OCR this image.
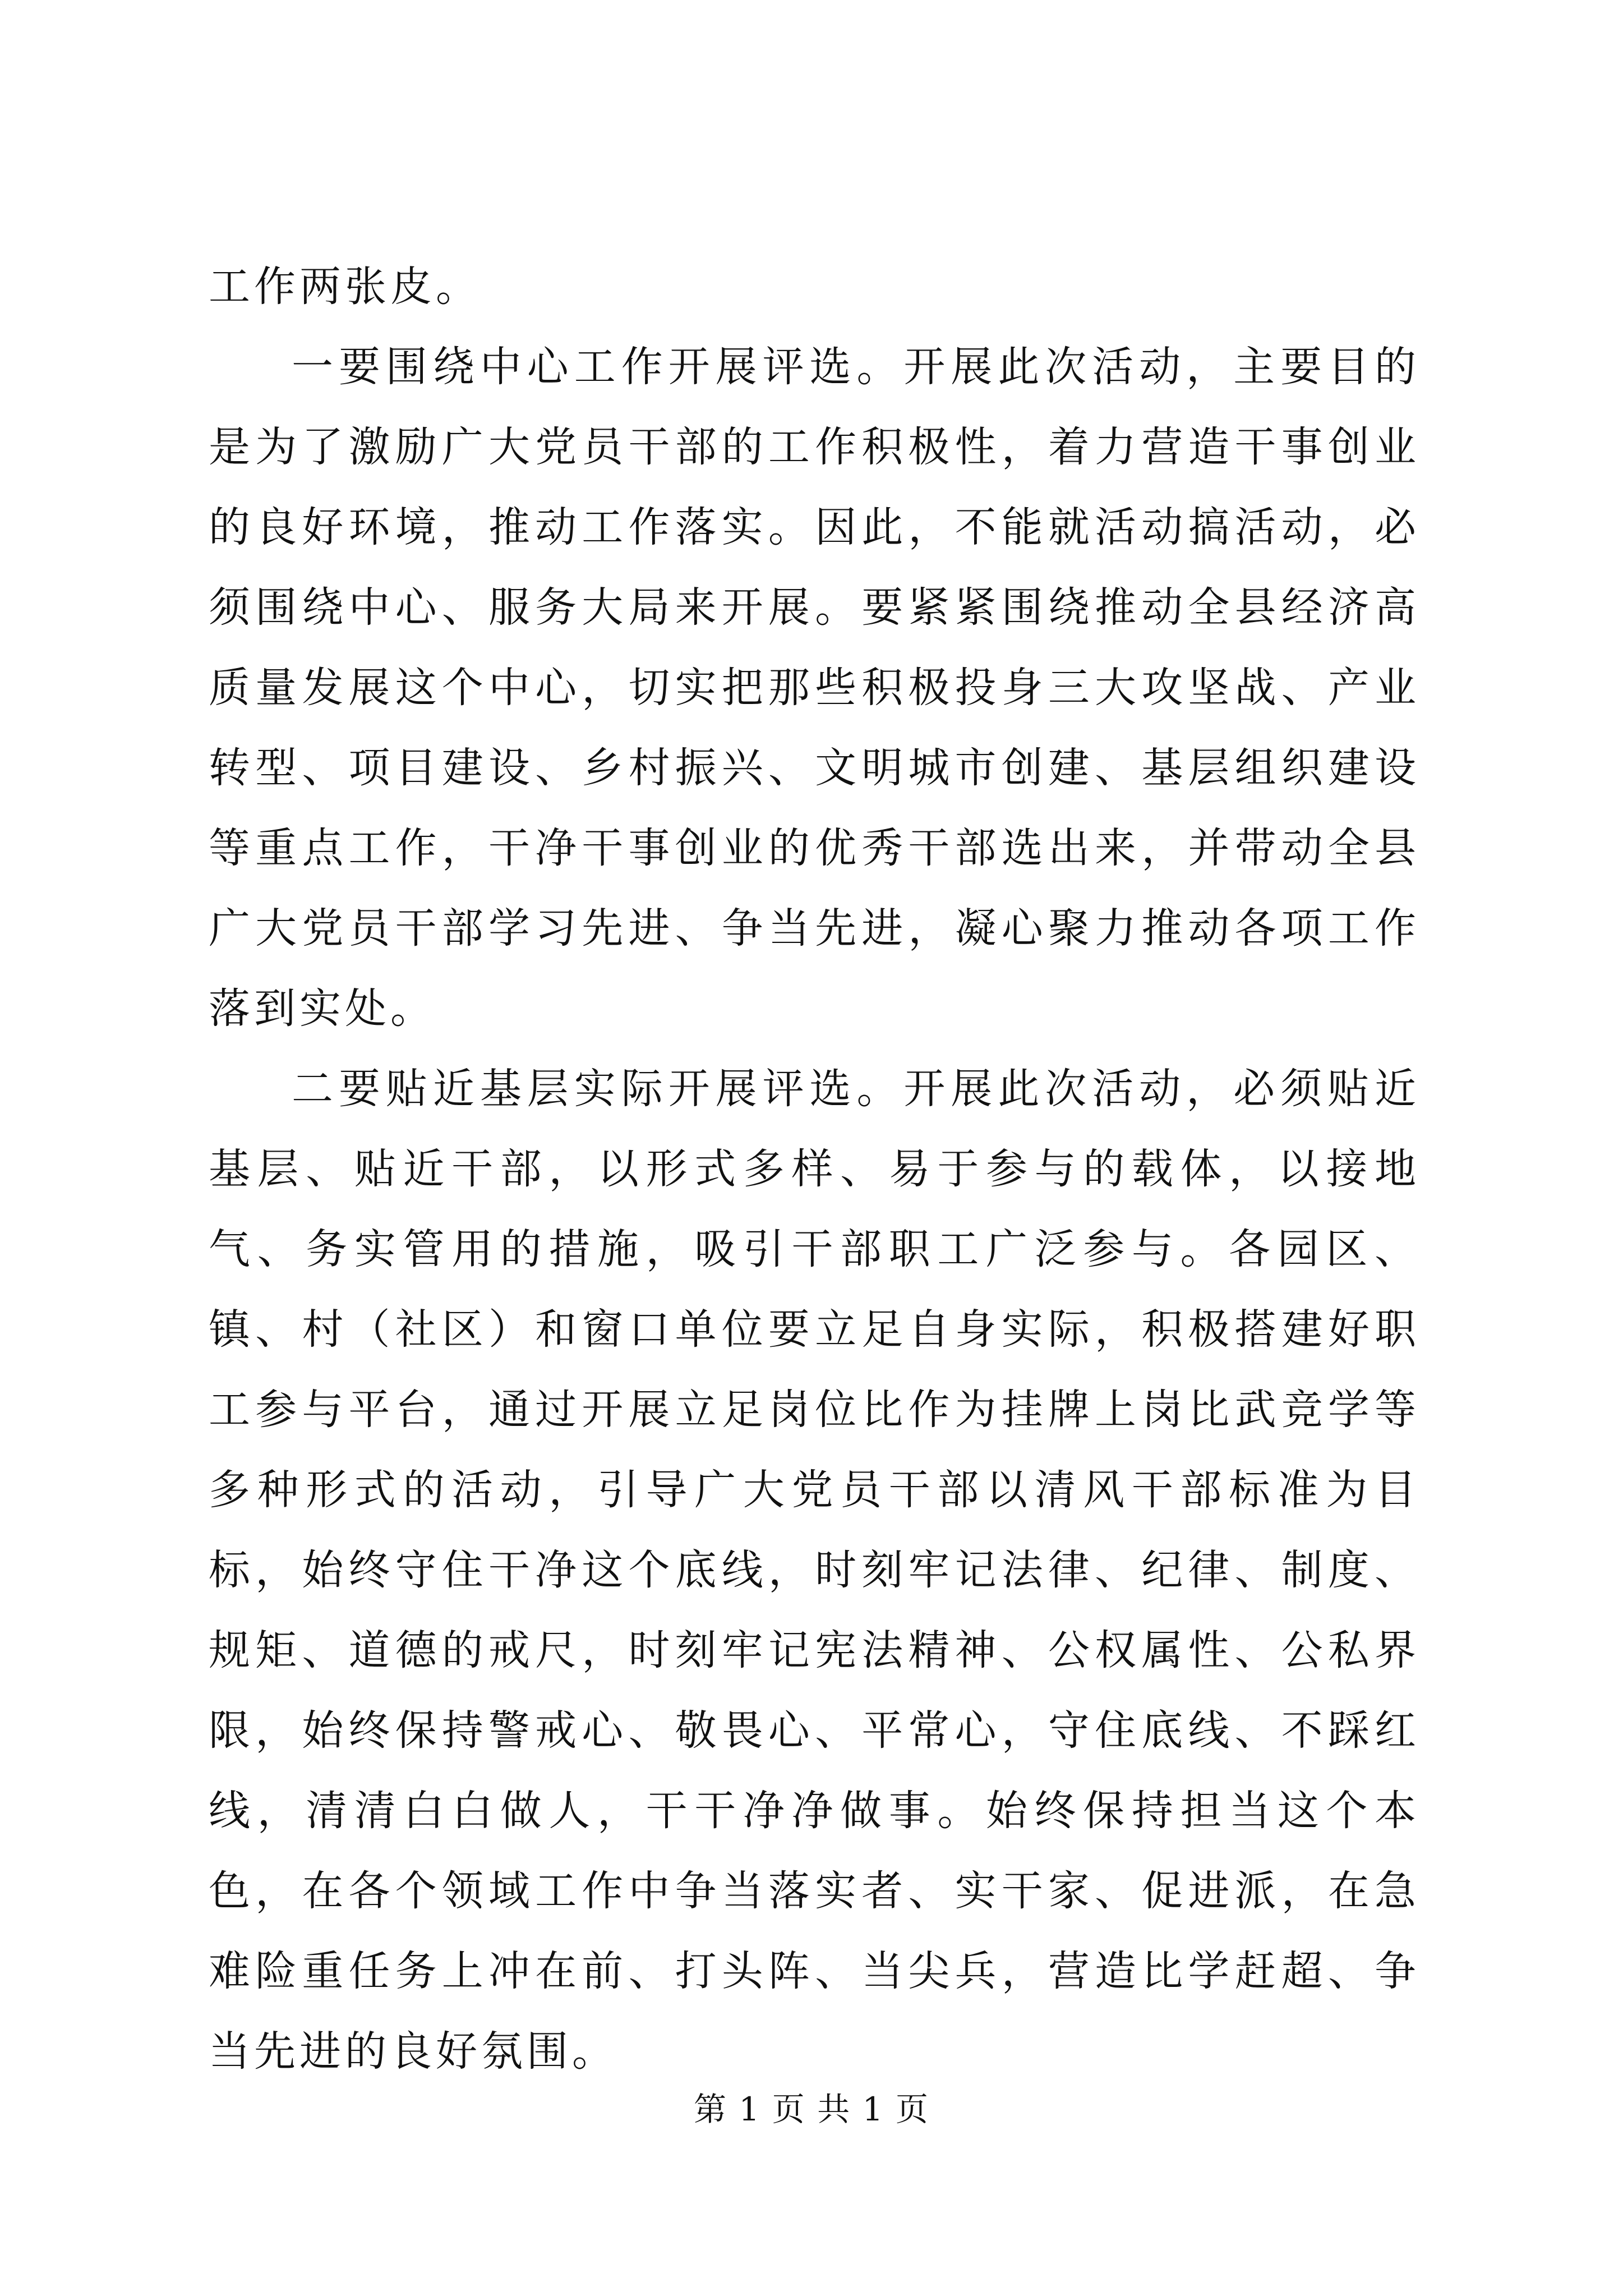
工作两张皮。

一要围绕中心工作开展评选。开展此次活动，主要目的是为了激励广大党员干部的工作积极性，着力营造干事创业的良好环境，推动工作落实。因此，不能就活动搞活动，必须围绕中心、服务大局来开展。要紧紧围绕推动全县经济高质量发展这个中心，切实把那些积极投身三大攻坚战、产业转型、项目建设、乡村振兴、文明城市创建、基层组织建设等重点工作，干净干事创业的优秀干部选出来，并带动全县广大党员干部学习先进、争当先进，凝心聚力推动各项工作落到实处。

二要贴近基层实际开展评选。开展此次活动，必须贴近基层、贴近干部，以形式多样、易于参与的载体，以接地气、务实管用的措施，吸引干部职工广泛参与。各园区、镇、村（社区）和窗口单位要立足自身实际，积极搭建好职工参与平台，通过开展立足岗位比作为挂牌上岗比武竞学等多种形式的活动，引导广大党员干部以清风干部标准为目标，始终守住干净这个底线，时刻牢记法律、纪律、制度、规矩、道德的戒尺，时刻牢记宪法精神、公权属性、公私界限，始终保持警戒心、敬畏心、平常心，守住底线、不踩红线，清清白白做人，干干净净做事。始终保持担当这个本色，在各个领域工作中争当落实者、实干家、促进派，在急难险重任务上冲在前、打头阵、当尖兵，营造比学赶超、争当先进的良好氛围。

第 1 页 共 1 页
